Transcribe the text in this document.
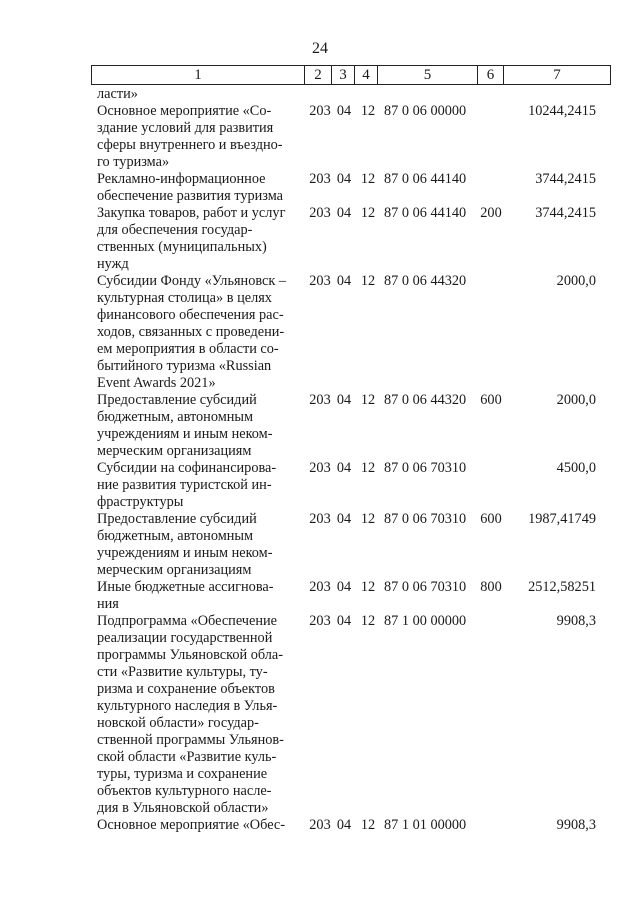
24
1	2	3	4	5	6	7
ласти»
Основное мероприятие «Со-
здание условий для развития
сферы внутреннего и въездно-
го туризма»
203 04 12 87 0 06 00000	10244,2415
Рекламно-информационное
обеспечение развития туризма
203 04 12 87 0 06 44140	3744,2415
Закупка товаров, работ и услуг
для обеспечения государ-
ственных (муниципальных)
нужд
203 04 12 87 0 06 44140 200	3744,2415
Субсидии Фонду «Ульяновск –
культурная столица» в целях
финансового обеспечения рас-
ходов, связанных с проведени-
ем мероприятия в области со-
бытийного туризма «Russian
Event Awards 2021»
203 04 12 87 0 06 44320	2000,0
Предоставление субсидий
бюджетным, автономным
учреждениям и иным неком-
мерческим организациям
203 04 12 87 0 06 44320 600	2000,0
Субсидии на софинансирова-
ние развития туристской ин-
фраструктуры
203 04 12 87 0 06 70310	4500,0
Предоставление субсидий
бюджетным, автономным
учреждениям и иным неком-
мерческим организациям
203 04 12 87 0 06 70310 600	1987,41749
Иные бюджетные ассигнова-
ния
203 04 12 87 0 06 70310 800	2512,58251
Подпрограмма «Обеспечение
реализации государственной
программы Ульяновской обла-
сти «Развитие культуры, ту-
ризма и сохранение объектов
культурного наследия в Улья-
новской области» государ-
ственной программы Ульянов-
ской области «Развитие куль-
туры, туризма и сохранение
объектов культурного насле-
дия в Ульяновской области»
203 04 12 87 1 00 00000	9908,3
Основное мероприятие «Обес-	203 04 12 87 1 01 00000	9908,3
